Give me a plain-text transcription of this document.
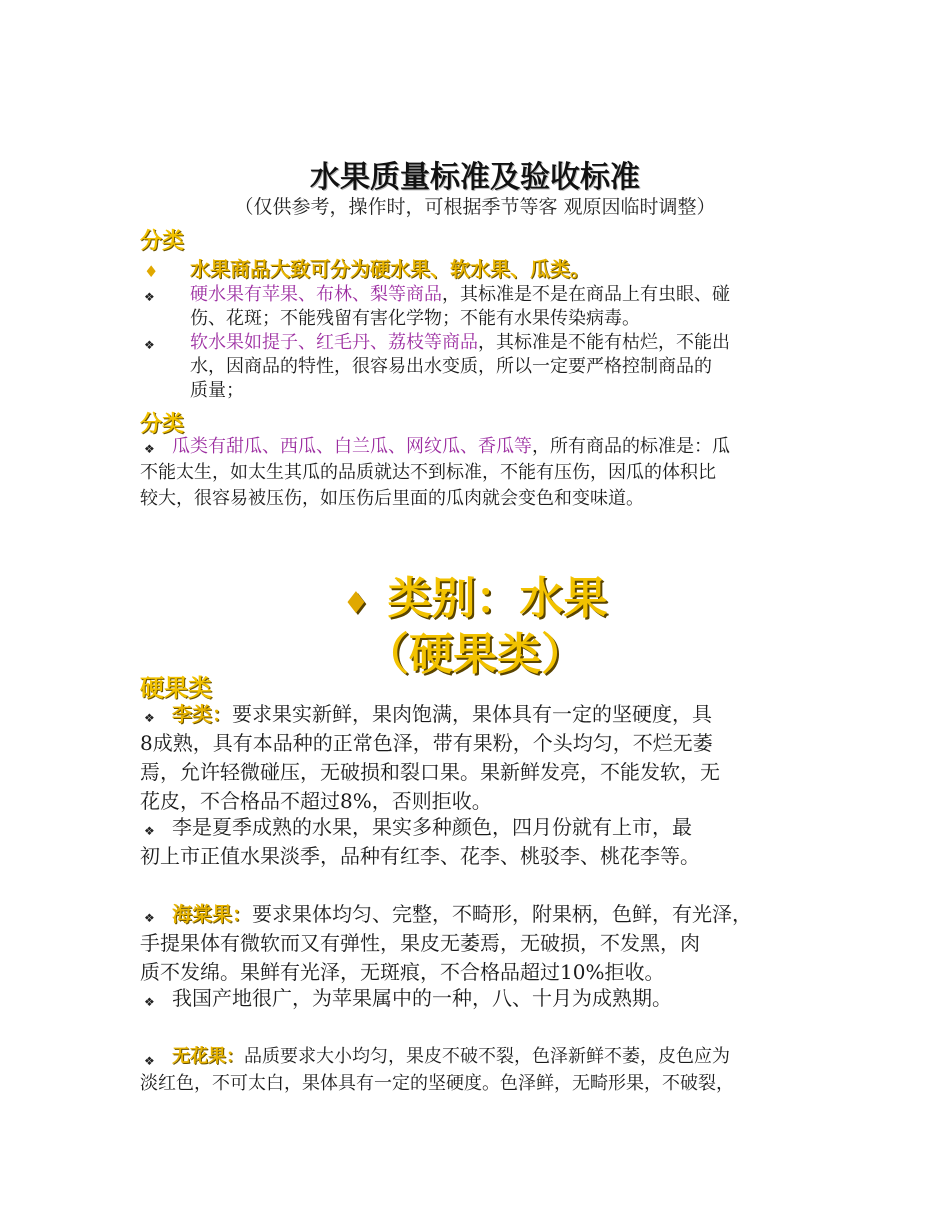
水果质量标准及验收标准
（仅供参考，操作时，可根据季节等客 观原因临时调整）
分类
♦ 水果商品大致可分为硬水果、软水果、瓜类。
❖ 硬水果有苹果、布林、梨等商品，其标准是不是在商品上有虫眼、碰
伤、花斑；不能残留有害化学物；不能有水果传染病毒。
❖ 软水果如提子、红毛丹、荔枝等商品，其标准是不能有枯烂，不能出
水，因商品的特性，很容易出水变质，所以一定要严格控制商品的
质量；
分类
❖ 瓜类有甜瓜、西瓜、白兰瓜、网纹瓜、香瓜等，所有商品的标准是：瓜
不能太生，如太生其瓜的品质就达不到标准，不能有压伤，因瓜的体积比
较大，很容易被压伤，如压伤后里面的瓜肉就会变色和变味道。
♦ 类别：水果
（硬果类）
硬果类
❖ 李类：要求果实新鲜，果肉饱满，果体具有一定的坚硬度，具
8成熟，具有本品种的正常色泽，带有果粉，个头均匀，不烂无萎
焉，允许轻微碰压，无破损和裂口果。果新鲜发亮，不能发软，无
花皮，不合格品不超过8%，否则拒收。
❖ 李是夏季成熟的水果，果实多种颜色，四月份就有上市，最
初上市正值水果淡季，品种有红李、花李、桃驳李、桃花李等。
❖ 海棠果：要求果体均匀、完整，不畸形，附果柄，色鲜，有光泽，
手提果体有微软而又有弹性，果皮无萎焉，无破损，不发黑，肉
质不发绵。果鲜有光泽，无斑痕，不合格品超过10%拒收。
❖ 我国产地很广，为苹果属中的一种，八、十月为成熟期。
❖ 无花果：品质要求大小均匀，果皮不破不裂，色泽新鲜不萎，皮色应为
淡红色，不可太白，果体具有一定的坚硬度。色泽鲜，无畸形果，不破裂，
